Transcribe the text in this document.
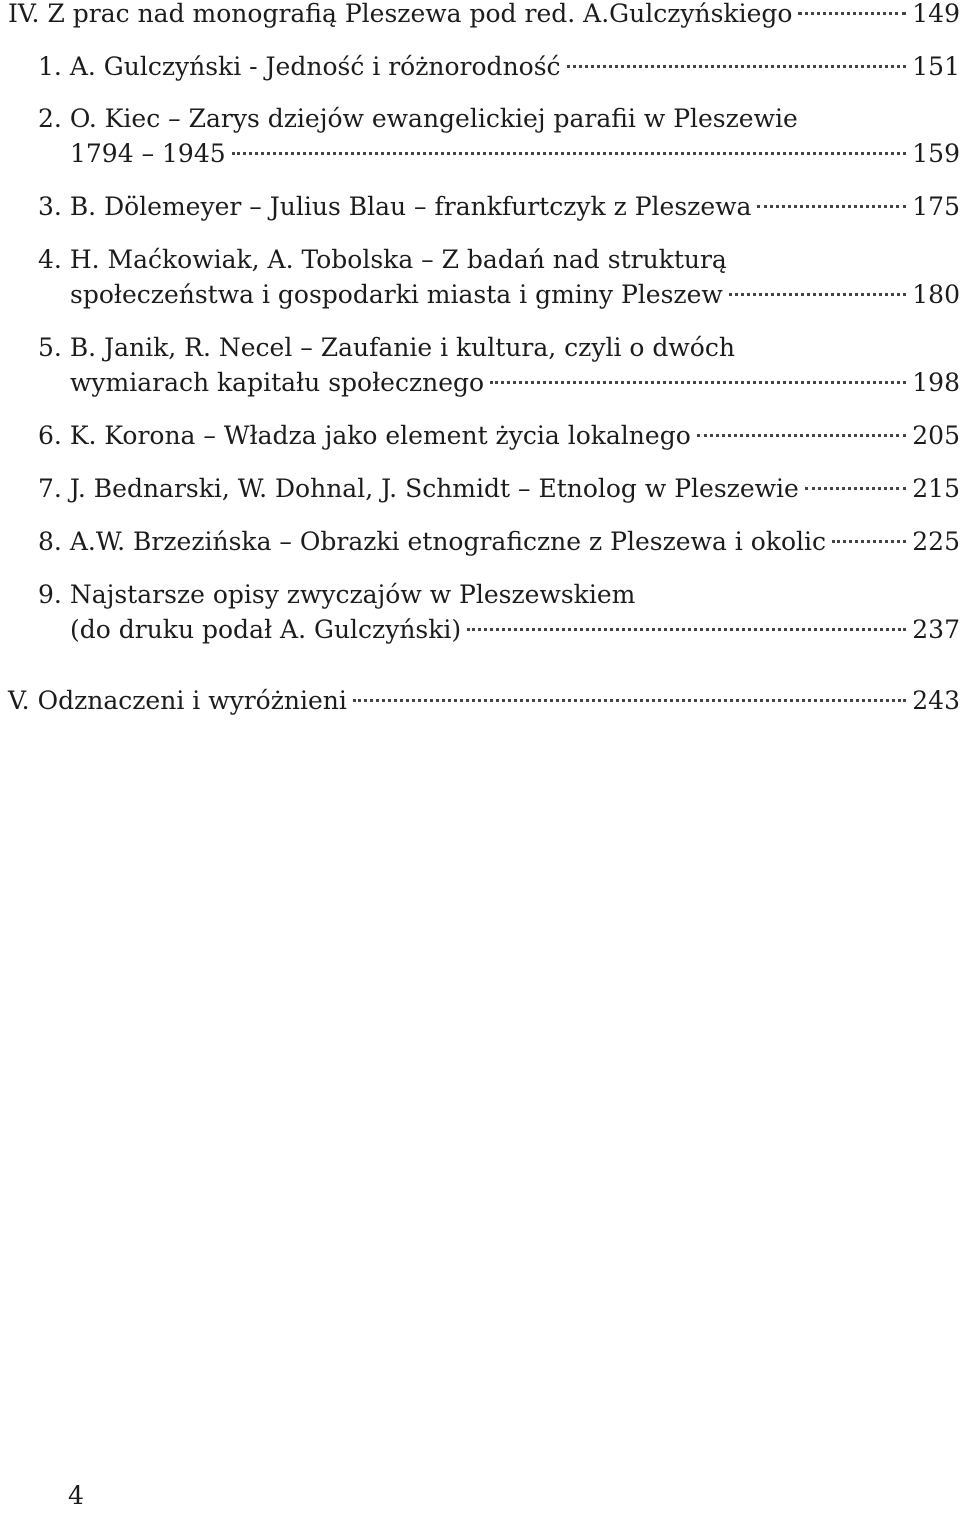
IV. Z prac nad monografią Pleszewa pod red. A.Gulczyńskiego	149
1. A. Gulczyński - Jedność i różnorodność	151
2. O. Kiec – Zarys dziejów ewangelickiej parafii w Pleszewie
1794 – 1945	159
3. B. Dölemeyer – Julius Blau – frankfurtczyk z Pleszewa	175
4. H. Maćkowiak, A. Tobolska – Z badań nad strukturą
społeczeństwa i gospodarki miasta i gminy Pleszew	180
5. B. Janik, R. Necel – Zaufanie i kultura, czyli o dwóch
wymiarach kapitału społecznego	198
6. K. Korona – Władza jako element życia lokalnego	205
7. J. Bednarski, W. Dohnal, J. Schmidt – Etnolog w Pleszewie	215
8. A.W. Brzezińska – Obrazki etnograficzne z Pleszewa i okolic	225
9. Najstarsze opisy zwyczajów w Pleszewskiem
(do druku podał A. Gulczyński)	237
V. Odznaczeni i wyróżnieni	243
4
